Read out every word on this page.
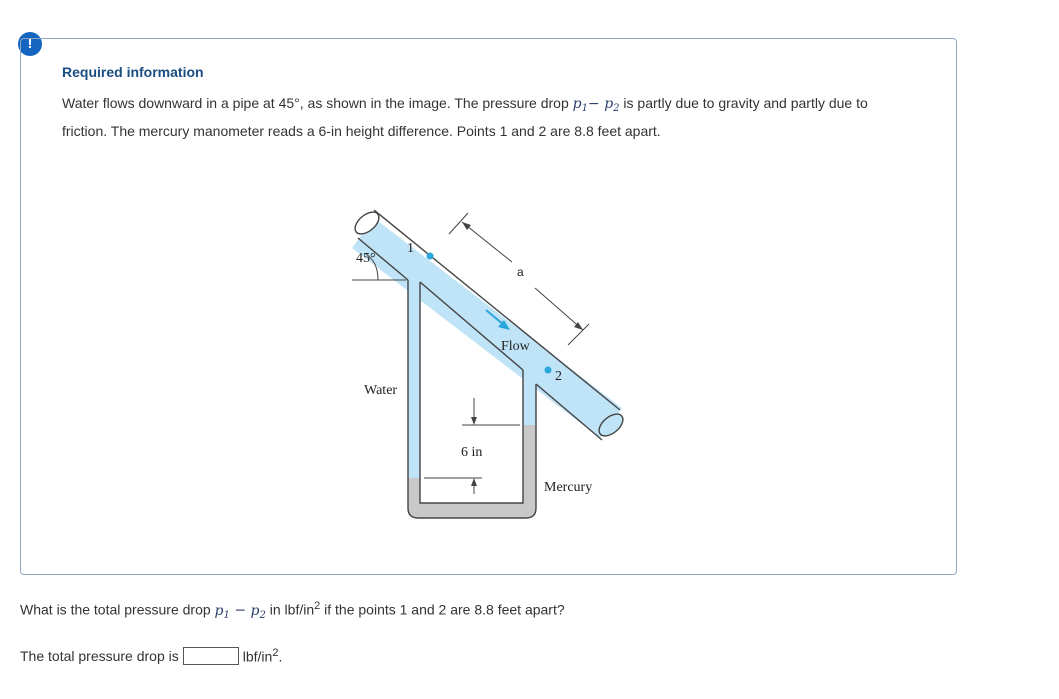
!
Required information
Water flows downward in a pipe at 45°, as shown in the image. The pressure drop $p_1- p_2$ is partly due to gravity and partly due to friction. The mercury manometer reads a 6-in height difference. Points 1 and 2 are 8.8 feet apart.
45°
1
2
a
Flow
Water
6 in
Mercury
What is the total pressure drop $p_1 - p_2$ in lbf/$in^2$ if the points 1 and 2 are 8.8 feet apart?
The total pressure drop is	lbf/$in^2$.
